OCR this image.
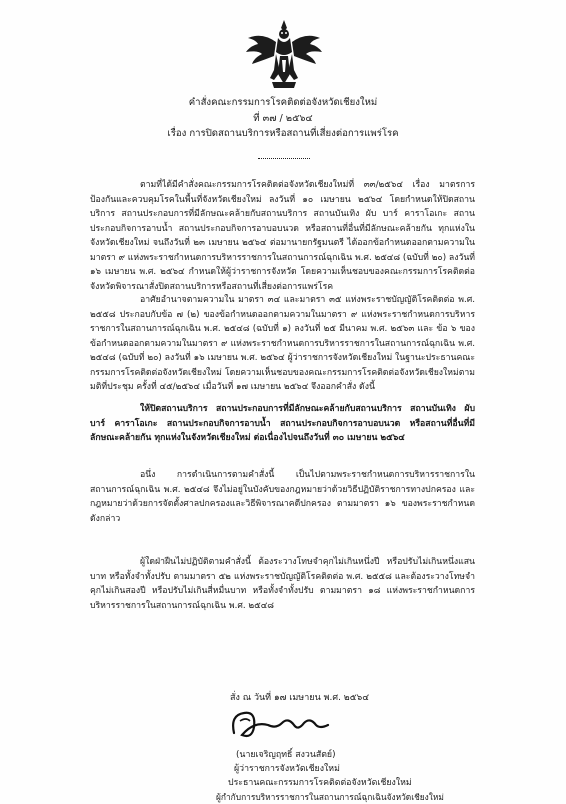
คำสั่งคณะกรรมการโรคติดต่อจังหวัดเชียงใหม่
ที่ ๓๗ / ๒๕๖๔
เรื่อง การปิดสถานบริการหรือสถานที่เสี่ยงต่อการแพร่โรค

ตามที่ได้มีคำสั่งคณะกรรมการโรคติดต่อจังหวัดเชียงใหม่ที่ ๓๓/๒๕๖๔ เรื่อง มาตรการป้องกันและควบคุมโรคในพื้นที่จังหวัดเชียงใหม่ ลงวันที่ ๑๐ เมษายน ๒๕๖๔ โดยกำหนดให้ปิดสถานบริการ สถานประกอบการที่มีลักษณะคล้ายกับสถานบริการ สถานบันเทิง ผับ บาร์ คาราโอเกะ สถานประกอบกิจการอาบน้ำ สถานประกอบกิจการอาบอบนวด หรือสถานที่อื่นที่มีลักษณะคล้ายกัน ทุกแห่งในจังหวัดเชียงใหม่ จนถึงวันที่ ๒๓ เมษายน ๒๕๖๔ ต่อมานายกรัฐมนตรี ได้ออกข้อกำหนดออกตามความในมาตรา ๙ แห่งพระราชกำหนดการบริหารราชการในสถานการณ์ฉุกเฉิน พ.ศ. ๒๕๔๘ (ฉบับที่ ๒๐) ลงวันที่ ๑๖ เมษายน พ.ศ. ๒๕๖๔ กำหนดให้ผู้ว่าราชการจังหวัด โดยความเห็นชอบของคณะกรรมการโรคติดต่อจังหวัดพิจารณาสั่งปิดสถานบริการหรือสถานที่เสี่ยงต่อการแพร่โรค

อาศัยอำนาจตามความใน มาตรา ๓๔ และมาตรา ๓๕ แห่งพระราชบัญญัติโรคติดต่อ พ.ศ. ๒๕๕๘ ประกอบกับข้อ ๗ (๒) ของข้อกำหนดออกตามความในมาตรา ๙ แห่งพระราชกำหนดการบริหารราชการในสถานการณ์ฉุกเฉิน พ.ศ. ๒๕๔๘ (ฉบับที่ ๑) ลงวันที่ ๒๕ มีนาคม พ.ศ. ๒๕๖๓ และ ข้อ ๖ ของข้อกำหนดออกตามความในมาตรา ๙ แห่งพระราชกำหนดการบริหารราชการในสถานการณ์ฉุกเฉิน พ.ศ. ๒๕๔๘ (ฉบับที่ ๒๐) ลงวันที่ ๑๖ เมษายน พ.ศ. ๒๕๖๔ ผู้ว่าราชการจังหวัดเชียงใหม่ ในฐานะประธานคณะกรรมการโรคติดต่อจังหวัดเชียงใหม่ โดยความเห็นชอบของคณะกรรมการโรคติดต่อจังหวัดเชียงใหม่ตามมติที่ประชุม ครั้งที่ ๔๕/๒๕๖๔ เมื่อวันที่ ๑๗ เมษายน ๒๕๖๔ จึงออกคำสั่ง ดังนี้

ให้ปิดสถานบริการ สถานประกอบการที่มีลักษณะคล้ายกับสถานบริการ สถานบันเทิง ผับ บาร์ คาราโอเกะ สถานประกอบกิจการอาบน้ำ สถานประกอบกิจการอาบอบนวด หรือสถานที่อื่นที่มีลักษณะคล้ายกัน ทุกแห่งในจังหวัดเชียงใหม่ ต่อเนื่องไปจนถึงวันที่ ๓๐ เมษายน ๒๕๖๔

อนึ่ง การดำเนินการตามคำสั่งนี้ เป็นไปตามพระราชกำหนดการบริหารราชการในสถานการณ์ฉุกเฉิน พ.ศ. ๒๕๔๘ จึงไม่อยู่ในบังคับของกฎหมายว่าด้วยวิธีปฏิบัติราชการทางปกครอง และกฎหมายว่าด้วยการจัดตั้งศาลปกครองและวิธีพิจารณาคดีปกครอง ตามมาตรา ๑๖ ของพระราชกำหนดดังกล่าว

ผู้ใดฝ่าฝืนไม่ปฏิบัติตามคำสั่งนี้ ต้องระวางโทษจำคุกไม่เกินหนึ่งปี หรือปรับไม่เกินหนึ่งแสนบาท หรือทั้งจำทั้งปรับ ตามมาตรา ๕๒ แห่งพระราชบัญญัติโรคติดต่อ พ.ศ. ๒๕๕๘ และต้องระวางโทษจำคุกไม่เกินสองปี หรือปรับไม่เกินสี่หมื่นบาท หรือทั้งจำทั้งปรับ ตามมาตรา ๑๘ แห่งพระราชกำหนดการบริหารราชการในสถานการณ์ฉุกเฉิน พ.ศ. ๒๕๔๘

สั่ง ณ วันที่ ๑๗ เมษายน พ.ศ. ๒๕๖๔
(นายเจริญฤทธิ์ สงวนสัตย์)
ผู้ว่าราชการจังหวัดเชียงใหม่
ประธานคณะกรรมการโรคติดต่อจังหวัดเชียงใหม่
ผู้กำกับการบริหารราชการในสถานการณ์ฉุกเฉินจังหวัดเชียงใหม่
